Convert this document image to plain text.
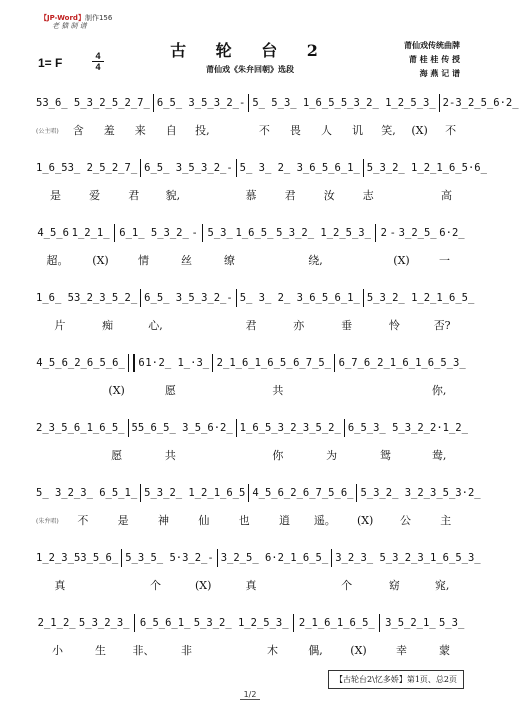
【JP-Word】制作156
老 猫 制 谱
1= F	4
4
古 轮 台 2
莆仙戏《朱弁回朝》选段
莆仙戏传统曲牌
莆 桂 桂 传 授
海 燕 记 谱
5 3̲6̲ 5̲3̲2̲ 5̲2̲7̲ 6̲5̲ 3̲5̲3̲2̲ - 5̲ 5̲ 3̲ 1̲6̲5̲ 5̲3̲2̲ 1̲2̲5̲3̲ 2 - 3̲2̲5̲ 6·2̲
(公主唱)	含	羞	来	自	投,	不	畏	人	讥	笑,	(X)	不
1̲6̲5 3̲ 2̲ 5̲2̲7̲ 6̲5̲ 3̲5̲3̲2̲ - 5̲ 3̲ 2̲ 3̲ 6̲5̲6̲1̲ 5̲3̲2̲ 1̲2̲1̲6̲ 5·6̲
是	爱	君	貌,	慕	君	汝	志	高
4̲5̲6 1̲2̲1̲ 6̲1̲ 5̲3̲2̲ - 5̲3̲ 1̲6̲5̲ 5̲3̲2̲ 1̲2̲5̲3̲ 2 - 3̲2̲5̲ 6·2̲
超。	(X)	情	丝	缭	绕,	(X)	一
1̲6̲ 5 3̲2̲3̲ 5̲2̲ 6̲5̲ 3̲5̲3̲2̲ - 5̲ 3̲ 2̲ 3̲ 6̲5̲6̲1̲ 5̲3̲2̲ 1̲2̲1̲6̲5̲
片	痴	心,	君	亦	垂	怜	否?
4̲5̲6̲2̲6̲5̲6̲ 6 1· 2̲ 1̲·3̲ 2̲1̲6̲1̲6̲5̲ 6̲7̲5̲ 6̲7̲6̲ 2̲1̲6̲1̲6̲5̲3̲
(X)	愿	共	你,
2̲3̲5̲6̲1̲6̲5̲ 5 5̲6̲5̲ 3̲5̲6·2̲ 1̲6̲5̲ 3̲2̲3̲5̲2̲ 6̲5̲3̲ 5̲3̲2̲ 2·1̲2̲
愿	共	你	为	鸳	鸯,
5̲ 3̲ 2̲3̲ 6̲5̲1̲ 5̲3̲2̲ 1̲2̲1̲6̲ 5 4̲5̲6̲2̲ 6̲7̲5̲6̲ 5̲3̲2̲ 3̲2̲3̲5̲ 3·2̲
(朱弁唱)	不	是	神	仙	也	逍	遥。	(X)	公	主
1̲2̲3̲ 5 3̲5̲6̲ 5̲3̲5̲ 5·3̲2̲ - 3̲2̲5̲ 6·2̲ 1̲6̲5̲ 3̲2̲3̲ 5̲3̲2̲3̲ 1̲6̲5̲3̲
真	个	(X)	真	个	窈	窕,
2̲1̲2̲ 5̲3̲2̲3̲ 6̲5̲6̲1̲ 5̲3̲2̲ 1̲2̲5̲3̲ 2̲1̲6̲1̲6̲5̲ 3̲5̲2̲1̲ 5̲3̲
小	生	非、	非	木	偶,	(X)	幸	蒙
【古轮台2\忆多娇】第1页、总2页
1/2
